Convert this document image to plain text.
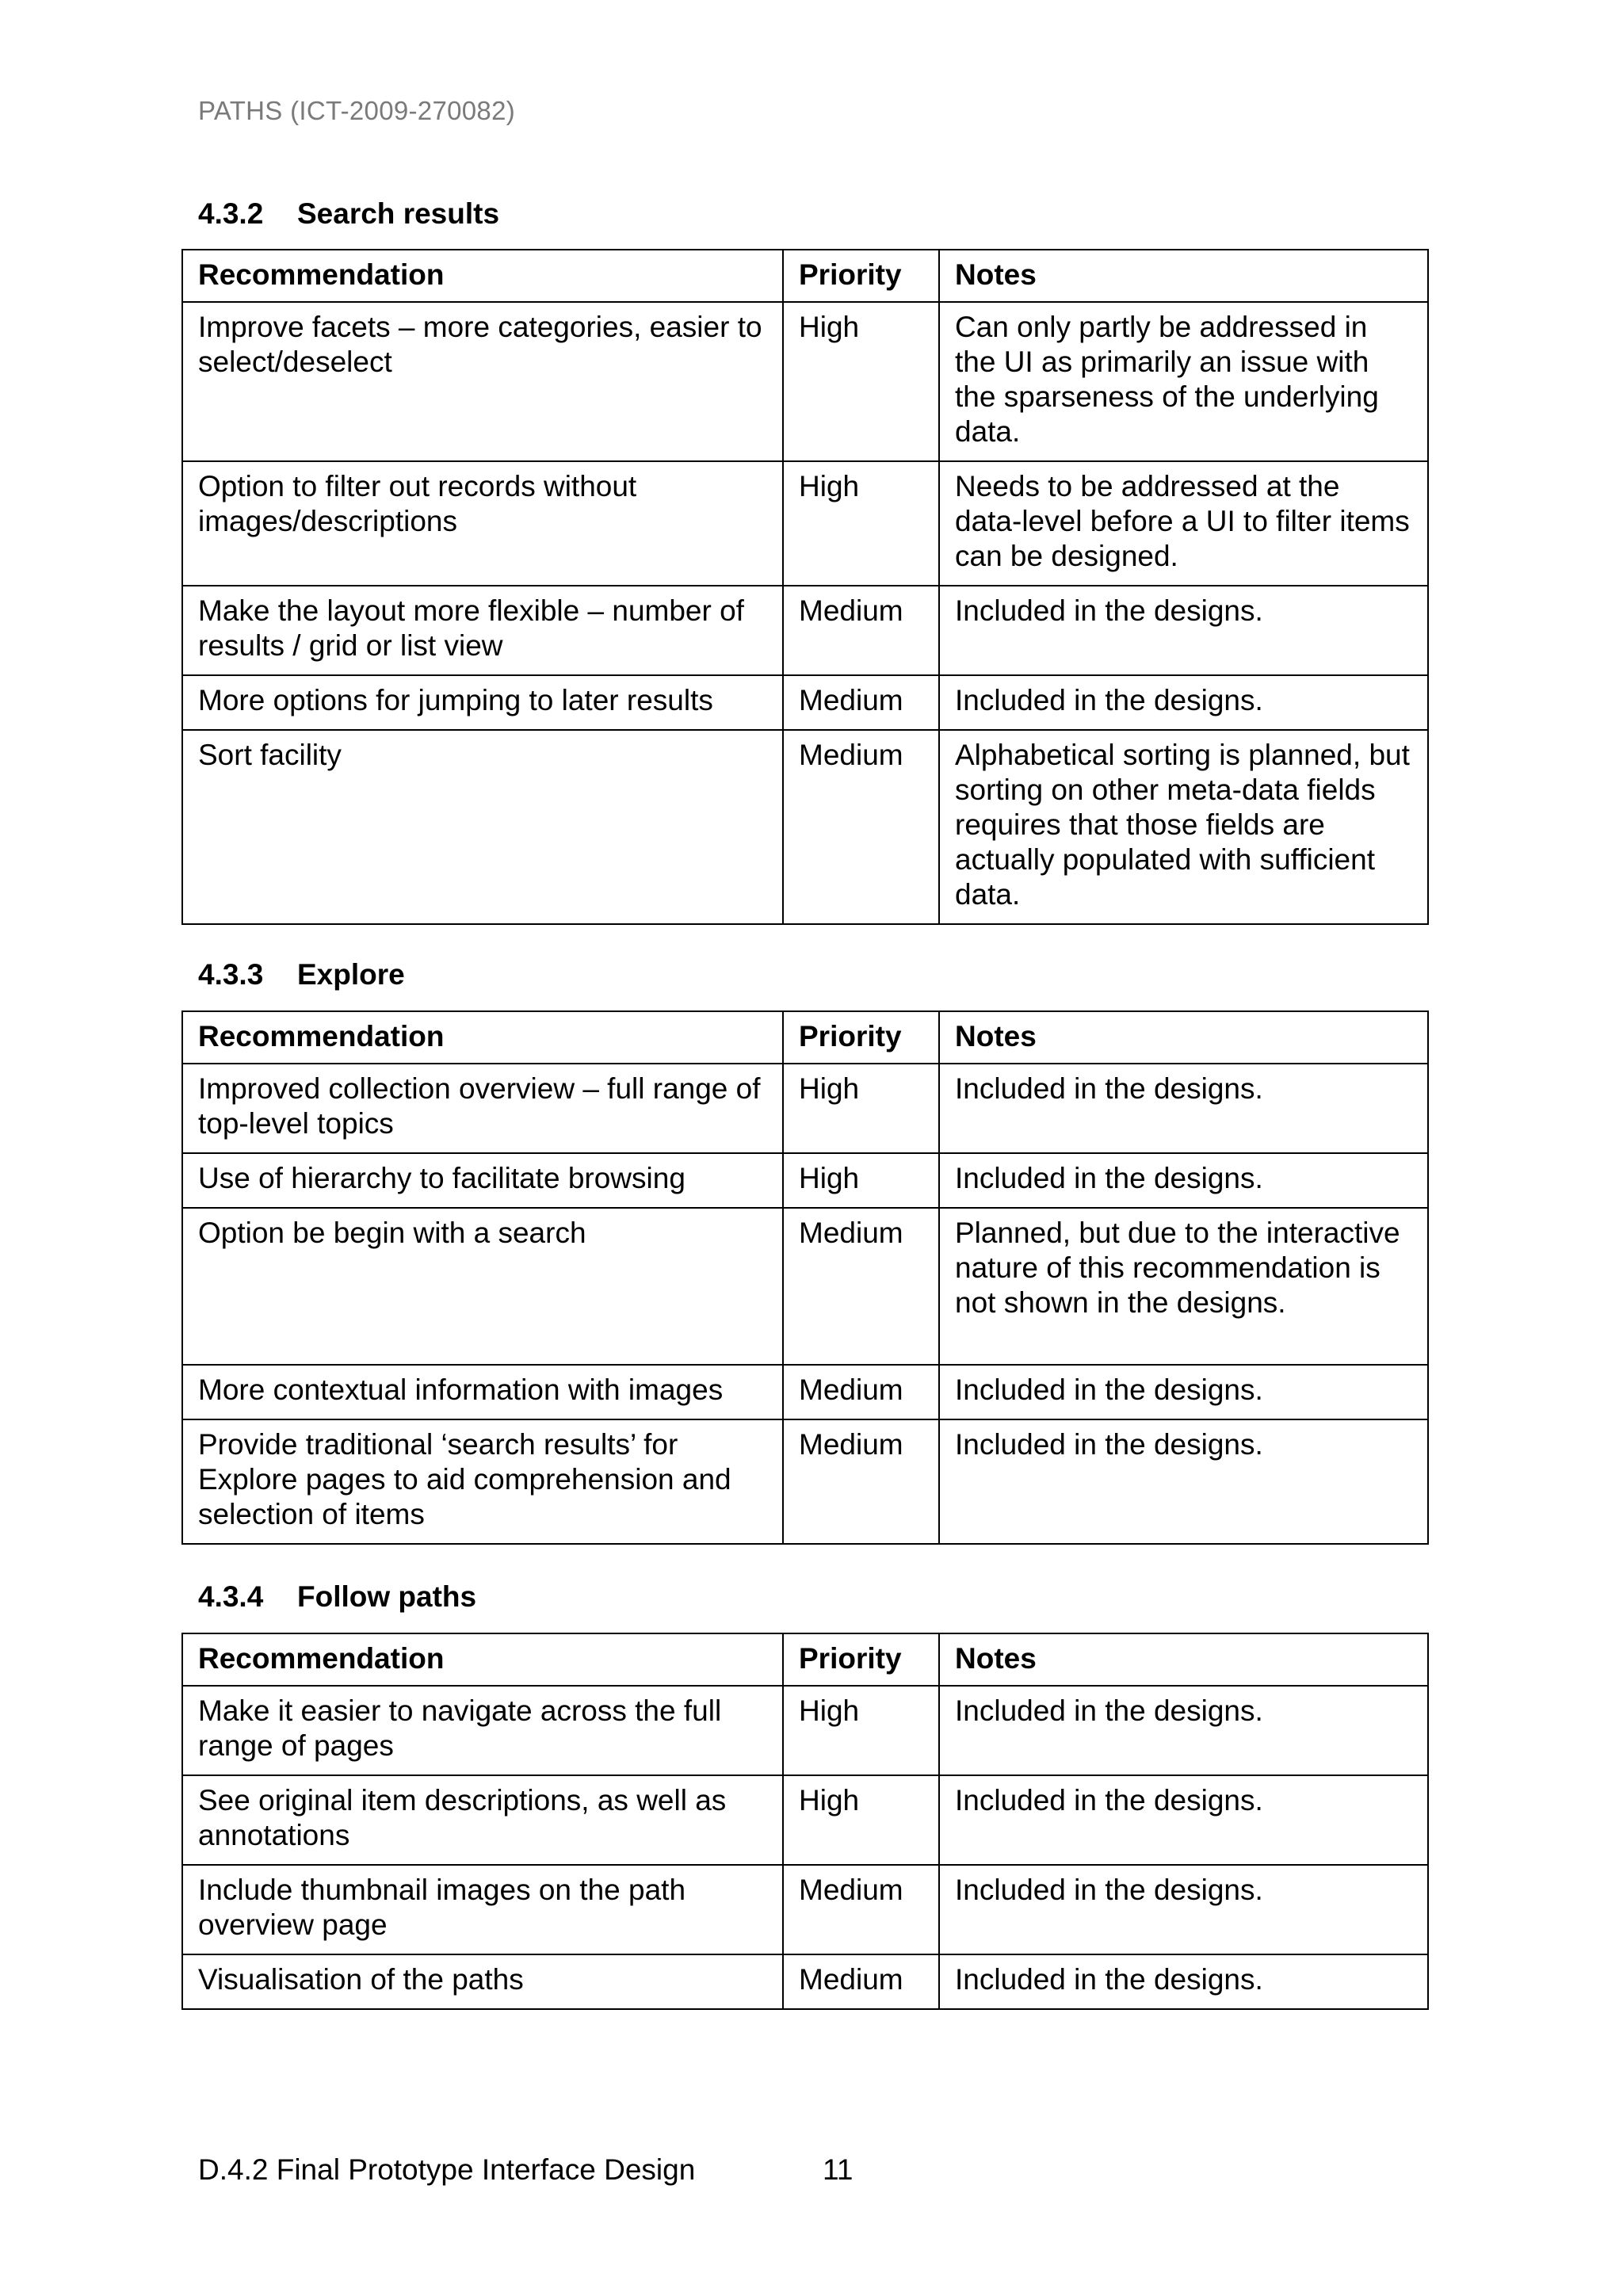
PATHS (ICT-2009-270082)
4.3.2 Search results
Recommendation	Priority	Notes
Improve facets – more categories, easier to select/deselect	High	Can only partly be addressed in the UI as primarily an issue with the sparseness of the underlying data.
Option to filter out records without images/descriptions	High	Needs to be addressed at the data-level before a UI to filter items can be designed.
Make the layout more flexible – number of results / grid or list view	Medium	Included in the designs.
More options for jumping to later results	Medium	Included in the designs.
Sort facility	Medium	Alphabetical sorting is planned, but sorting on other meta-data fields requires that those fields are actually populated with sufficient data.
4.3.3 Explore
Recommendation	Priority	Notes
Improved collection overview – full range of top-level topics	High	Included in the designs.
Use of hierarchy to facilitate browsing	High	Included in the designs.
Option be begin with a search	Medium	Planned, but due to the interactive nature of this recommendation is not shown in the designs.
More contextual information with images	Medium	Included in the designs.
Provide traditional ‘search results’ for Explore pages to aid comprehension and selection of items	Medium	Included in the designs.
4.3.4 Follow paths
Recommendation	Priority	Notes
Make it easier to navigate across the full range of pages	High	Included in the designs.
See original item descriptions, as well as annotations	High	Included in the designs.
Include thumbnail images on the path overview page	Medium	Included in the designs.
Visualisation of the paths	Medium	Included in the designs.
D.4.2 Final Prototype Interface Design	11
